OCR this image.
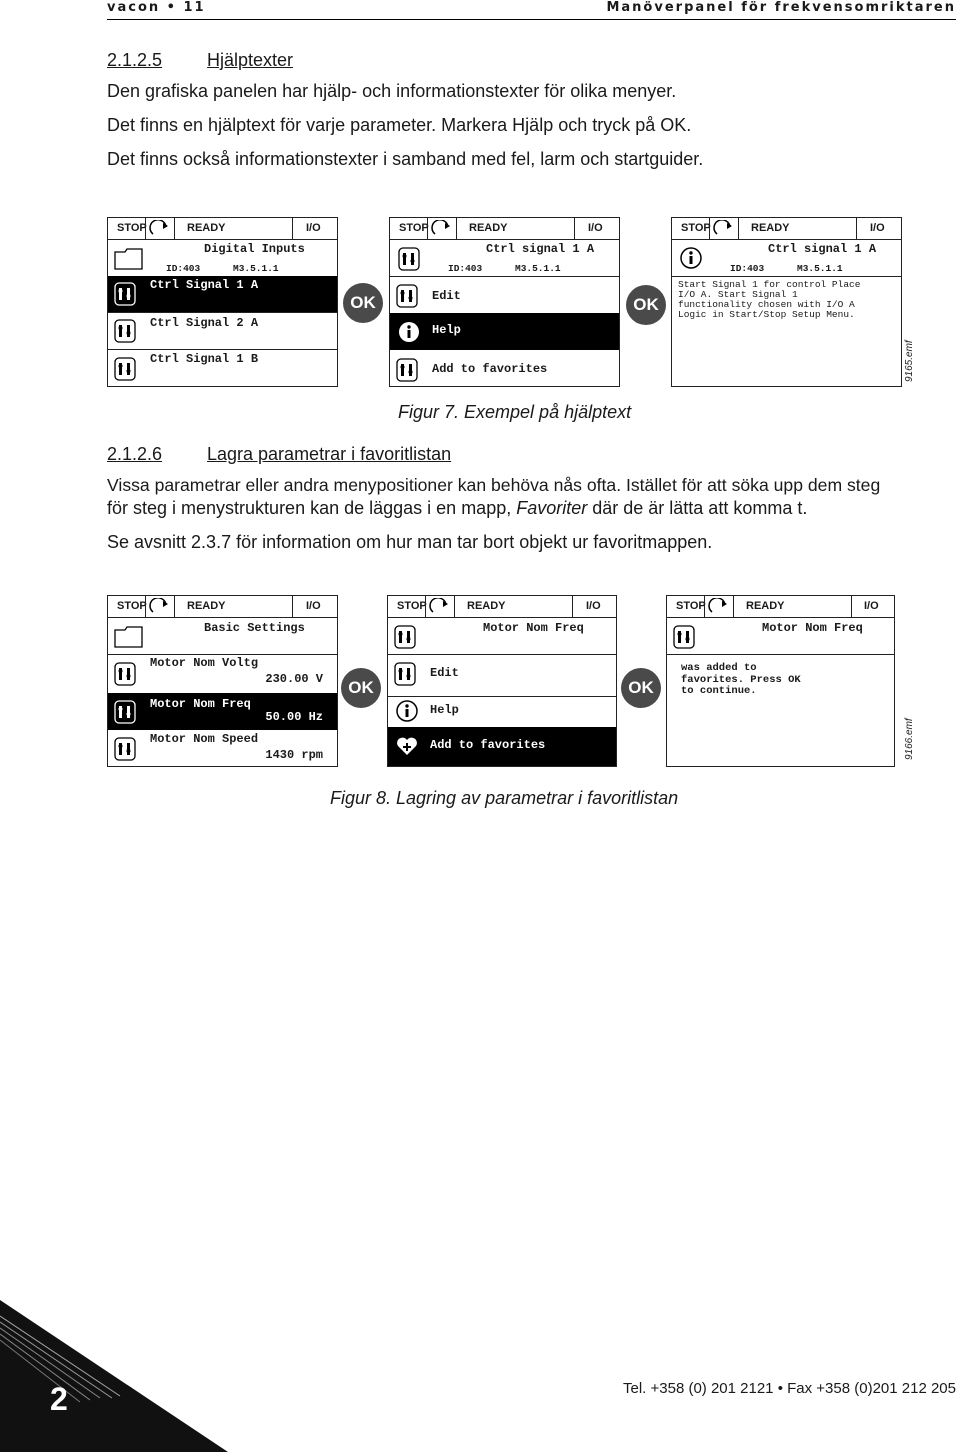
vacon • 11	Manöverpanel för frekvensomriktaren
2.1.2.5 Hjälptexter
Den grafiska panelen har hjälp- och informationstexter för olika menyer.
Det finns en hjälptext för varje parameter. Markera Hjälp och tryck på OK.
Det finns också informationstexter i samband med fel, larm och startguider.
STOP	READY	I/O
Digital Inputs
ID:403	M3.5.1.1
Ctrl Signal 1 A
Ctrl Signal 2 A
Ctrl Signal 1 B
OK
STOP	READY	I/O
Ctrl signal 1 A
ID:403	M3.5.1.1
Edit
Help
Add to favorites
OK
STOP	READY	I/O
Ctrl signal 1 A
ID:403	M3.5.1.1
Start Signal 1 for control Place
I/O A. Start Signal 1
functionality chosen with I/O A
Logic in Start/Stop Setup Menu.
9165.emf
Figur 7. Exempel på hjälptext
2.1.2.6 Lagra parametrar i favoritlistan
Vissa parametrar eller andra menypositioner kan behöva nås ofta. Istället för att söka upp dem steg
för steg i menystrukturen kan de läggas i en mapp, Favoriter där de är lätta att komma t.
Se avsnitt 2.3.7 för information om hur man tar bort objekt ur favoritmappen.
STOP	READY	I/O
Basic Settings
Motor Nom Voltg
230.00 V
Motor Nom Freq
50.00 Hz
Motor Nom Speed
1430 rpm
OK
STOP	READY	I/O
Motor Nom Freq
Edit
Help
Add to favorites
OK
STOP	READY	I/O
Motor Nom Freq
was added to
favorites. Press OK
to continue.
9166.emf
Figur 8. Lagring av parametrar i favoritlistan
2	Tel. +358 (0) 201 2121 • Fax +358 (0)201 212 205
